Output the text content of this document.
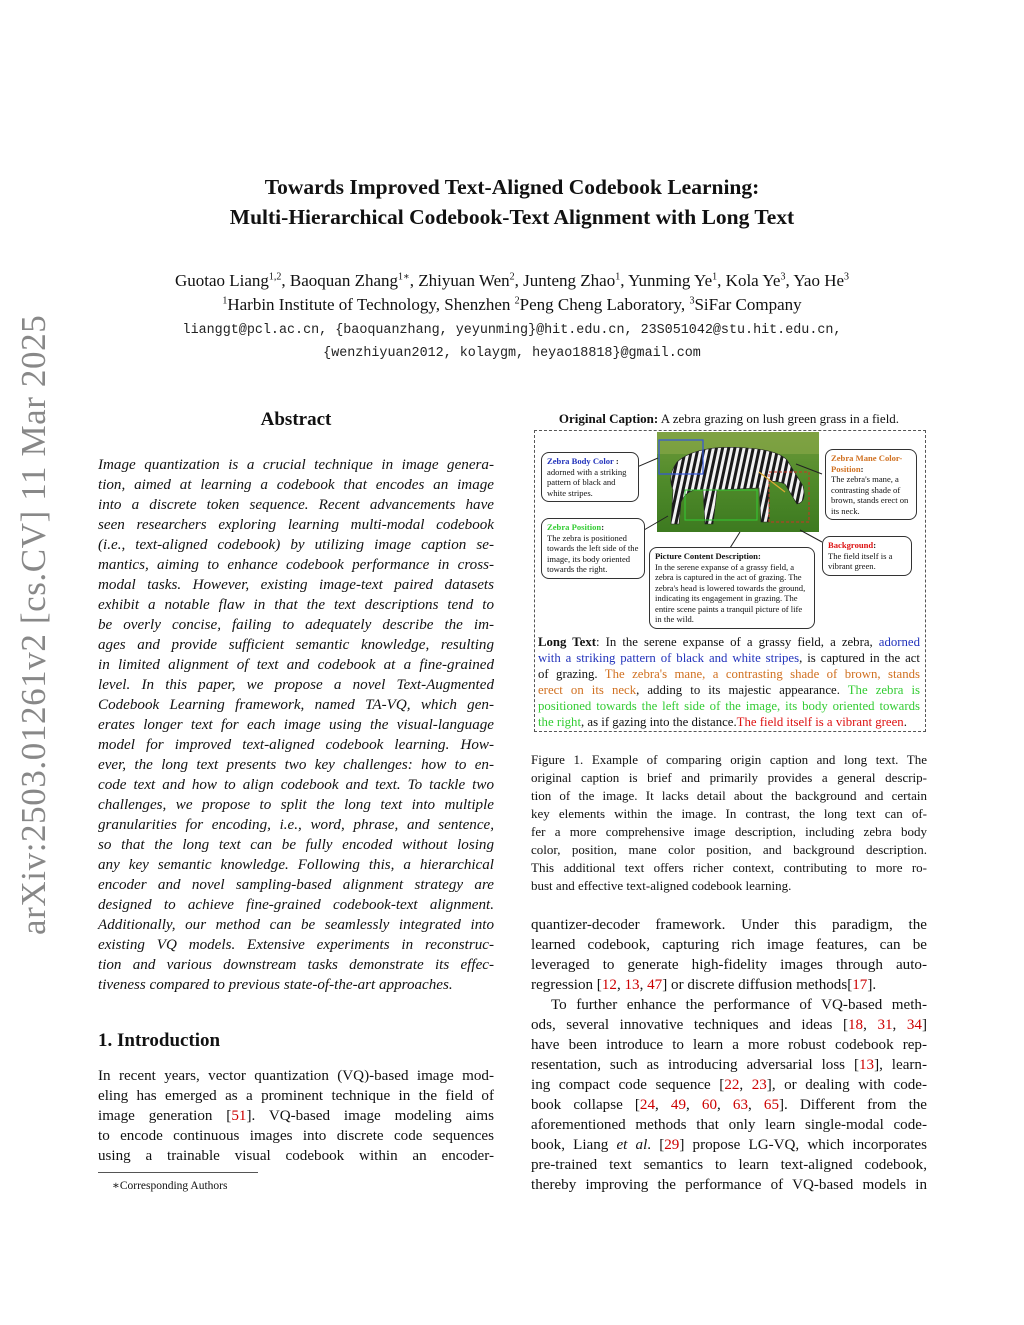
Towards Improved Text-Aligned Codebook Learning:
Multi-Hierarchical Codebook-Text Alignment with Long Text
Guotao Liang$^{1,2}$, Baoquan Zhang$^{1∗}$, Zhiyuan Wen$^2$, Junteng Zhao$^1$, Yunming Ye$^1$, Kola Ye$^3$, Yao He$^3$
$^1$Harbin Institute of Technology, Shenzhen $^2$Peng Cheng Laboratory, $^3$SiFar Company
lianggt@pcl.ac.cn, {baoquanzhang, yeyunming}@hit.edu.cn, 23S051042@stu.hit.edu.cn,
{wenzhiyuan2012, kolaygm, heyao18818}@gmail.com
arXiv:2503.01261v2 [cs.CV] 11 Mar 2025	Abstract
Image quantization is a crucial technique in image genera-
tion, aimed at learning a codebook that encodes an image
into a discrete token sequence. Recent advancements have
seen researchers exploring learning multi-modal codebook
(i.e., text-aligned codebook) by utilizing image caption se-
mantics, aiming to enhance codebook performance in cross-
modal tasks. However, existing image-text paired datasets
exhibit a notable flaw in that the text descriptions tend to
be overly concise, failing to adequately describe the im-
ages and provide sufficient semantic knowledge, resulting
in limited alignment of text and codebook at a fine-grained
level. In this paper, we propose a novel Text-Augmented
Codebook Learning framework, named TA-VQ, which gen-
erates longer text for each image using the visual-language
model for improved text-aligned codebook learning. How-
ever, the long text presents two key challenges: how to en-
code text and how to align codebook and text. To tackle two
challenges, we propose to split the long text into multiple
granularities for encoding, i.e., word, phrase, and sentence,
so that the long text can be fully encoded without losing
any key semantic knowledge. Following this, a hierarchical
encoder and novel sampling-based alignment strategy are
designed to achieve fine-grained codebook-text alignment.
Additionally, our method can be seamlessly integrated into
existing VQ models. Extensive experiments in reconstruc-
tion and various downstream tasks demonstrate its effec-
tiveness compared to previous state-of-the-art approaches.
1. Introduction
In recent years, vector quantization (VQ)-based image mod-
eling has emerged as a prominent technique in the field of
image generation [51]. VQ-based image modeling aims
to encode continuous images into discrete code sequences
using a trainable visual codebook within an encoder-
∗Corresponding Authors
Original Caption: A zebra grazing on lush green grass in a field.
Zebra Body Color :
adorned with a striking pattern of black and white stripes.
Zebra Mane Color-Position:
The zebra's mane, a contrasting shade of brown, stands erect on its neck.
Zebra Position:
The zebra is positioned towards the left side of the image, its body oriented towards the right.
Picture Content Description:
In the serene expanse of a grassy field, a zebra is captured in the act of grazing. The zebra's head is lowered towards the ground, indicating its engagement in grazing. The entire scene paints a tranquil picture of life in the wild.
Background:
The field itself is a vibrant green.
Long Text: In the serene expanse of a grassy field, a zebra, adorned
with a striking pattern of black and white stripes, is captured in the act
of grazing. The zebra's mane, a contrasting shade of brown, stands
erect on its neck, adding to its majestic appearance. The zebra is
positioned towards the left side of the image, its body oriented towards
the right, as if gazing into the distance.The field itself is a vibrant green.
Figure 1. Example of comparing origin caption and long text. The
original caption is brief and primarily provides a general descrip-
tion of the image. It lacks detail about the background and certain
key elements within the image. In contrast, the long text can of-
fer a more comprehensive image description, including zebra body
color, position, mane color position, and background description.
This additional text offers richer context, contributing to more ro-
bust and effective text-aligned codebook learning.
quantizer-decoder framework. Under this paradigm, the
learned codebook, capturing rich image features, can be
leveraged to generate high-fidelity images through auto-
regression [12, 13, 47] or discrete diffusion methods[17].
To further enhance the performance of VQ-based meth-
ods, several innovative techniques and ideas [18, 31, 34]
have been introduce to learn a more robust codebook rep-
resentation, such as introducing adversarial loss [13], learn-
ing compact code sequence [22, 23], or dealing with code-
book collapse [24, 49, 60, 63, 65]. Different from the
aforementioned methods that only learn single-modal code-
book, Liang et al. [29] propose LG-VQ, which incorporates
pre-trained text semantics to learn text-aligned codebook,
thereby improving the performance of VQ-based models in
